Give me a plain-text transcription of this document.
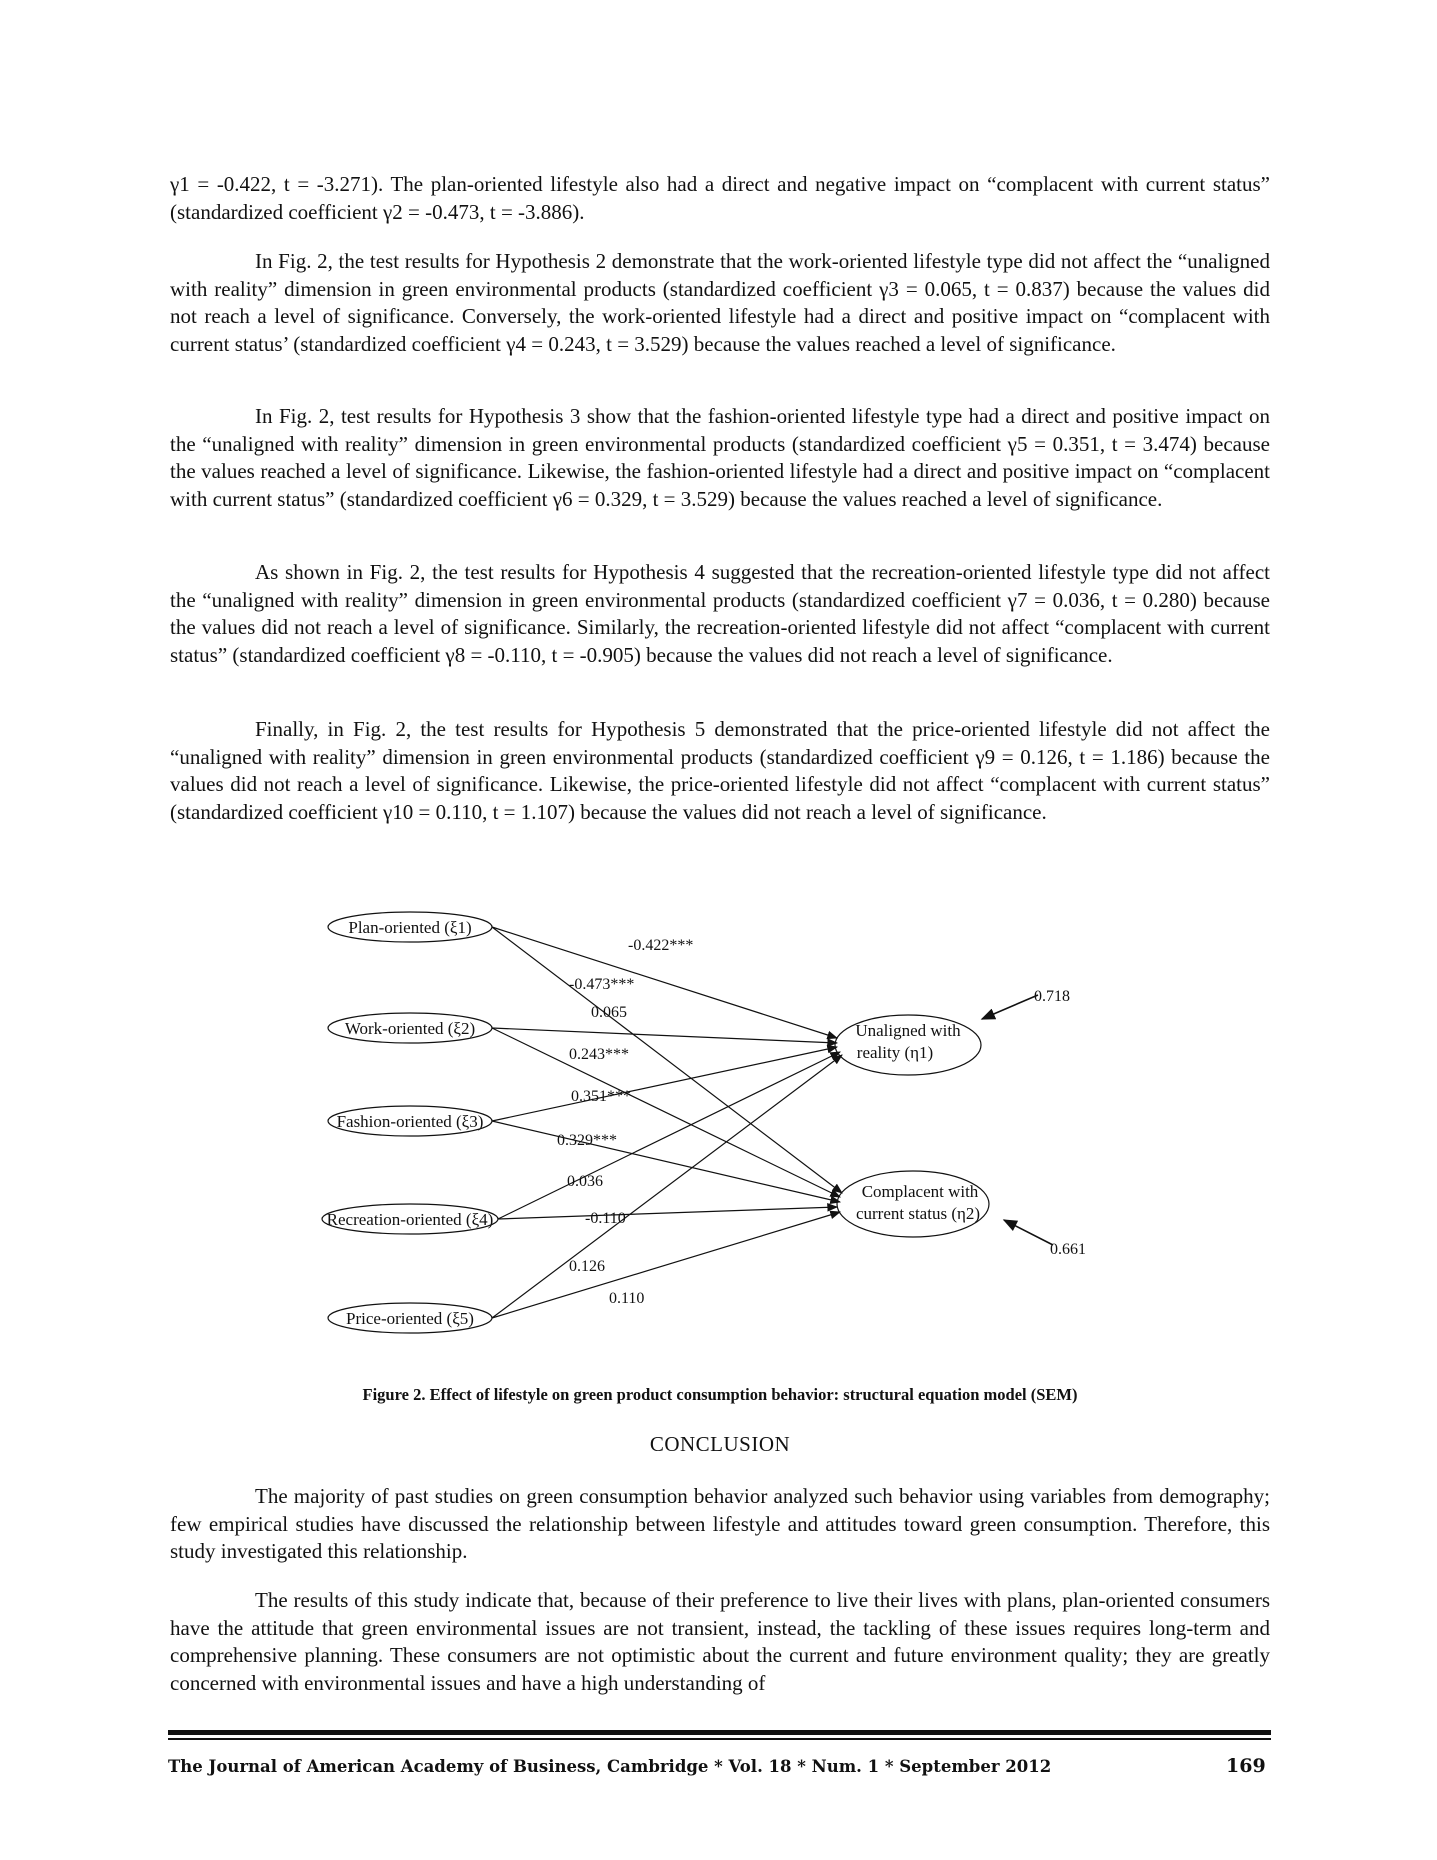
γ1 = -0.422, t = -3.271). The plan-oriented lifestyle also had a direct and negative impact on “complacent with current status” (standardized coefficient γ2 = -0.473, t = -3.886).

In Fig. 2, the test results for Hypothesis 2 demonstrate that the work-oriented lifestyle type did not affect the “unaligned with reality” dimension in green environmental products (standardized coefficient γ3 = 0.065, t = 0.837) because the values did not reach a level of significance. Conversely, the work-oriented lifestyle had a direct and positive impact on “complacent with current status’ (standardized coefficient γ4 = 0.243, t = 3.529) because the values reached a level of significance.

In Fig. 2, test results for Hypothesis 3 show that the fashion-oriented lifestyle type had a direct and positive impact on the “unaligned with reality” dimension in green environmental products (standardized coefficient γ5 = 0.351, t = 3.474) because the values reached a level of significance. Likewise, the fashion-oriented lifestyle had a direct and positive impact on “complacent with current status” (standardized coefficient γ6 = 0.329, t = 3.529) because the values reached a level of significance.

As shown in Fig. 2, the test results for Hypothesis 4 suggested that the recreation-oriented lifestyle type did not affect the “unaligned with reality” dimension in green environmental products (standardized coefficient γ7 = 0.036, t = 0.280) because the values did not reach a level of significance. Similarly, the recreation-oriented lifestyle did not affect “complacent with current status” (standardized coefficient γ8 = -0.110, t = -0.905) because the values did not reach a level of significance.

Finally, in Fig. 2, the test results for Hypothesis 5 demonstrated that the price-oriented lifestyle did not affect the “unaligned with reality” dimension in green environmental products (standardized coefficient γ9 = 0.126, t = 1.186) because the values did not reach a level of significance. Likewise, the price-oriented lifestyle did not affect “complacent with current status” (standardized coefficient γ10 = 0.110, t = 1.107) because the values did not reach a level of significance.

Plan-oriented (ξ1)
Work-oriented (ξ2)
Fashion-oriented (ξ3)
Recreation-oriented (ξ4)
Price-oriented (ξ5)
Unaligned with
reality (η1)
Complacent with
current status (η2)
-0.422***
-0.473***
0.065
0.243***
0.351***
0.329***
0.036
-0.110
0.126
0.110
0.718
0.661
Figure 2. Effect of lifestyle on green product consumption behavior: structural equation model (SEM)
CONCLUSION

The majority of past studies on green consumption behavior analyzed such behavior using variables from demography; few empirical studies have discussed the relationship between lifestyle and attitudes toward green consumption. Therefore, this study investigated this relationship.

The results of this study indicate that, because of their preference to live their lives with plans, plan-oriented consumers have the attitude that green environmental issues are not transient, instead, the tackling of these issues requires long-term and comprehensive planning. These consumers are not optimistic about the current and future environment quality; they are greatly concerned with environmental issues and have a high understanding of

The Journal of American Academy of Business, Cambridge * Vol. 18 * Num. 1 * September 2012	169
